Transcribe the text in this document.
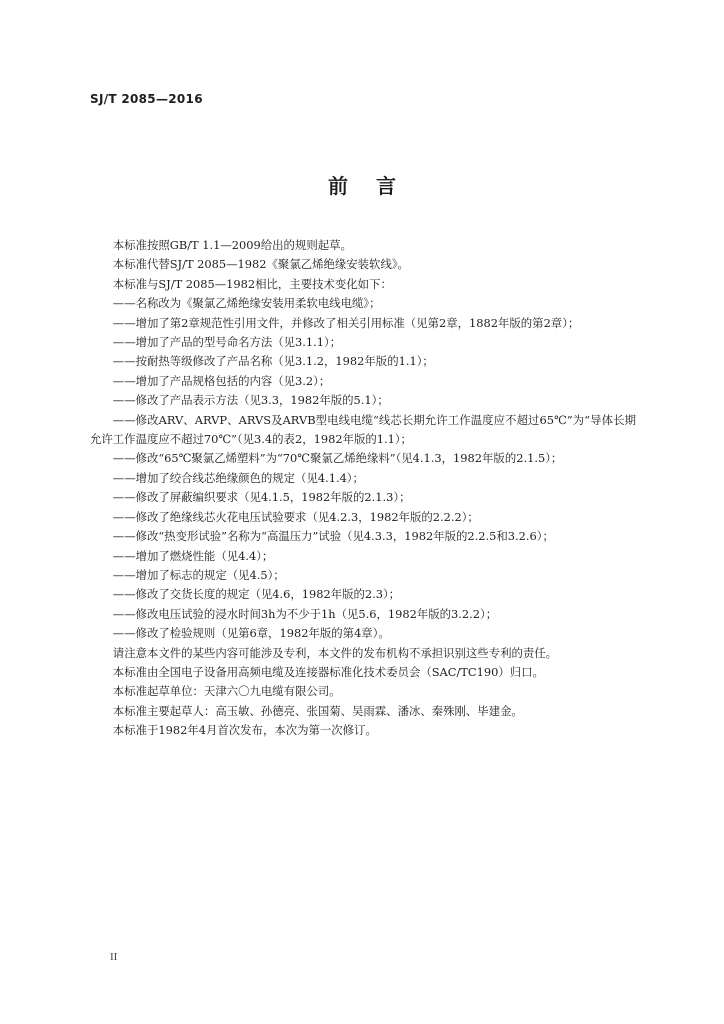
SJ/T 2085—2016
前言

本标准按照GB/T 1.1—2009给出的规则起草。

本标准代替SJ/T 2085—1982《聚氯乙烯绝缘安装软线》。

本标准与SJ/T 2085—1982相比，主要技术变化如下：

——名称改为《聚氯乙烯绝缘安装用柔软电线电缆》；

——增加了第2章规范性引用文件，并修改了相关引用标准（见第2章，1882年版的第2章）；

——增加了产品的型号命名方法（见3.1.1）；

——按耐热等级修改了产品名称（见3.1.2，1982年版的1.1）；

——增加了产品规格包括的内容（见3.2）；

——修改了产品表示方法（见3.3，1982年版的5.1）；

——修改ARV、ARVP、ARVS及ARVB型电线电缆“线芯长期允许工作温度应不超过65℃”为“导体长期允许工作温度应不超过70℃”（见3.4的表2，1982年版的1.1）；

——修改“65℃聚氯乙烯塑料”为“70℃聚氯乙烯绝缘料”（见4.1.3，1982年版的2.1.5）；

——增加了绞合线芯绝缘颜色的规定（见4.1.4）；

——修改了屏蔽编织要求（见4.1.5，1982年版的2.1.3）；

——修改了绝缘线芯火花电压试验要求（见4.2.3，1982年版的2.2.2）；

——修改“热变形试验”名称为“高温压力”试验（见4.3.3，1982年版的2.2.5和3.2.6）；

——增加了燃烧性能（见4.4）；

——增加了标志的规定（见4.5）；

——修改了交货长度的规定（见4.6，1982年版的2.3）；

——修改电压试验的浸水时间3h为不少于1h（见5.6，1982年版的3.2.2）；

——修改了检验规则（见第6章，1982年版的第4章）。

请注意本文件的某些内容可能涉及专利，本文件的发布机构不承担识别这些专利的责任。

本标准由全国电子设备用高频电缆及连接器标准化技术委员会（SAC/TC190）归口。

本标准起草单位：天津六〇九电缆有限公司。

本标准主要起草人：高玉敏、孙德亮、张国菊、吴雨霖、潘冰、秦殊刚、毕建金。

本标准于1982年4月首次发布，本次为第一次修订。

II
